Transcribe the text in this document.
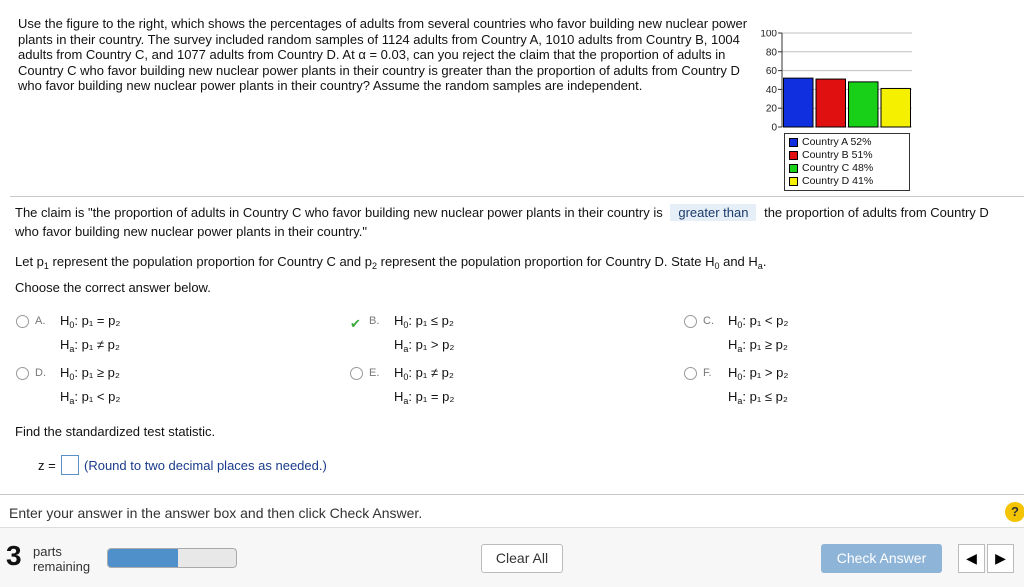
Use the figure to the right, which shows the percentages of adults from several countries who favor building new nuclear power plants in their country. The survey included random samples of 1124 adults from Country A, 1010 adults from Country B, 1004 adults from Country C, and 1077 adults from Country D. At α = 0.03, can you reject the claim that the proportion of adults in Country C who favor building new nuclear power plants in their country is greater than the proportion of adults from Country D who favor building new nuclear power plants in their country? Assume the random samples are independent.
100
80
60
40
20
0
Country A 52%
Country B 51%
Country C 48%
Country D 41%
The claim is "the proportion of adults in Country C who favor building new nuclear power plants in their country is greater than the proportion of adults from Country D who favor building new nuclear power plants in their country."
Let $p_1$ represent the population proportion for Country C and $p_2$ represent the population proportion for Country D. State $H_0$ and $H_a$.
Choose the correct answer below.
A.	$H_0$: p₁ = p₂
$H_a$: p₁ ≠ p₂
✔ B.	$H_0$: p₁ ≤ p₂
$H_a$: p₁ > p₂
C.	$H_0$: p₁ < p₂
$H_a$: p₁ ≥ p₂
D.	$H_0$: p₁ ≥ p₂
$H_a$: p₁ < p₂
E.	$H_0$: p₁ ≠ p₂
$H_a$: p₁ = p₂
F.	$H_0$: p₁ > p₂
$H_a$: p₁ ≤ p₂
Find the standardized test statistic.
z = (Round to two decimal places as needed.)
Enter your answer in the answer box and then click Check Answer.	?
3 parts
remaining
Clear All	Check Answer	◀	▶
